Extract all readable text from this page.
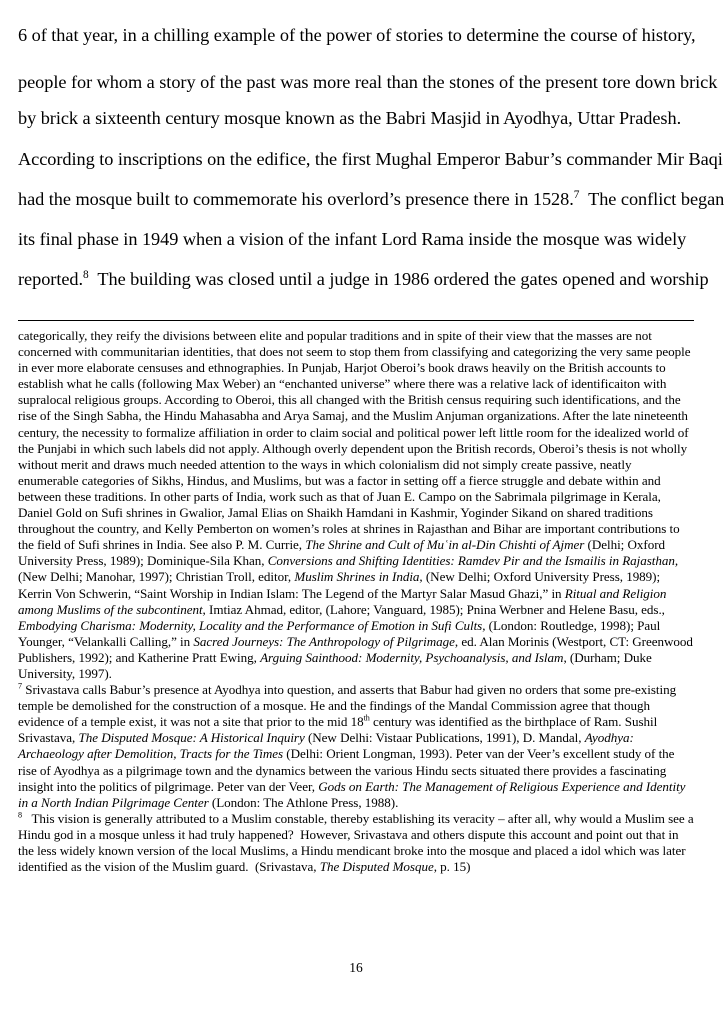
6 of that year, in a chilling example of the power of stories to determine the course of history,
people for whom a story of the past was more real than the stones of the present tore down brick
by brick a sixteenth century mosque known as the Babri Masjid in Ayodhya, Uttar Pradesh.
According to inscriptions on the edifice, the first Mughal Emperor Babur’s commander Mir Baqi
had the mosque built to commemorate his overlord’s presence there in 1528.$^7$  The conflict began
its final phase in 1949 when a vision of the infant Lord Rama inside the mosque was widely
reported.$^8$ The building was closed until a judge in 1986 ordered the gates opened and worship

categorically, they reify the divisions between elite and popular traditions and in spite of their view that the masses are not concerned with communitarian identities, that does not seem to stop them from classifying and categorizing the very same people in ever more elaborate censuses and ethnographies. In Punjab, Harjot Oberoi’s book draws heavily on the British accounts to establish what he calls (following Max Weber) an “enchanted universe” where there was a relative lack of identificaiton with supralocal religious groups. According to Oberoi, this all changed with the British census requiring such identifications, and the rise of the Singh Sabha, the Hindu Mahasabha and Arya Samaj, and the Muslim Anjuman organizations. After the late nineteenth century, the necessity to formalize affiliation in order to claim social and political power left little room for the idealized world of the Punjabi in which such labels did not apply. Although overly dependent upon the British records, Oberoi’s thesis is not wholly without merit and draws much needed attention to the ways in which colonialism did not simply create passive, neatly enumerable categories of Sikhs, Hindus, and Muslims, but was a factor in setting off a fierce struggle and debate within and between these traditions. In other parts of India, work such as that of Juan E. Campo on the Sabrimala pilgrimage in Kerala, Daniel Gold on Sufi shrines in Gwalior, Jamal Elias on Shaikh Hamdani in Kashmir, Yoginder Sikand on shared traditions throughout the country, and Kelly Pemberton on women’s roles at shrines in Rajasthan and Bihar are important contributions to the field of Sufi shrines in India. See also P. M. Currie, The Shrine and Cult of Muʿin al-Din Chishti of Ajmer (Delhi; Oxford University Press, 1989); Dominique-Sila Khan, Conversions and Shifting Identities: Ramdev Pir and the Ismailis in Rajasthan, (New Delhi; Manohar, 1997); Christian Troll, editor, Muslim Shrines in India, (New Delhi; Oxford University Press, 1989); Kerrin Von Schwerin, “Saint Worship in Indian Islam: The Legend of the Martyr Salar Masud Ghazi,” in Ritual and Religion among Muslims of the subcontinent, Imtiaz Ahmad, editor, (Lahore; Vanguard, 1985); Pnina Werbner and Helene Basu, eds., Embodying Charisma: Modernity, Locality and the Performance of Emotion in Sufi Cults, (London: Routledge, 1998); Paul Younger, “Velankalli Calling,” in Sacred Journeys: The Anthropology of Pilgrimage, ed. Alan Morinis (Westport, CT: Greenwood Publishers, 1992); and Katherine Pratt Ewing, Arguing Sainthood: Modernity, Psychoanalysis, and Islam, (Durham; Duke University, 1997).

$^7$ Srivastava calls Babur’s presence at Ayodhya into question, and asserts that Babur had given no orders that some pre-existing temple be demolished for the construction of a mosque. He and the findings of the Mandal Commission agree that though evidence of a temple exist, it was not a site that prior to the mid 18th century was identified as the birthplace of Ram. Sushil Srivastava, The Disputed Mosque: A Historical Inquiry (New Delhi: Vistaar Publications, 1991), D. Mandal, Ayodhya: Archaeology after Demolition, Tracts for the Times (Delhi: Orient Longman, 1993). Peter van der Veer’s excellent study of the rise of Ayodhya as a pilgrimage town and the dynamics between the various Hindu sects situated there provides a fascinating insight into the politics of pilgrimage. Peter van der Veer, Gods on Earth: The Management of Religious Experience and Identity in a North Indian Pilgrimage Center (London: The Athlone Press, 1988).

$^8$   This vision is generally attributed to a Muslim constable, thereby establishing its veracity – after all, why would a Muslim see a Hindu god in a mosque unless it had truly happened?  However, Srivastava and others dispute this account and point out that in the less widely known version of the local Muslims, a Hindu mendicant broke into the mosque and placed a idol which was later identified as the vision of the Muslim guard.  (Srivastava, The Disputed Mosque, p. 15)

16
